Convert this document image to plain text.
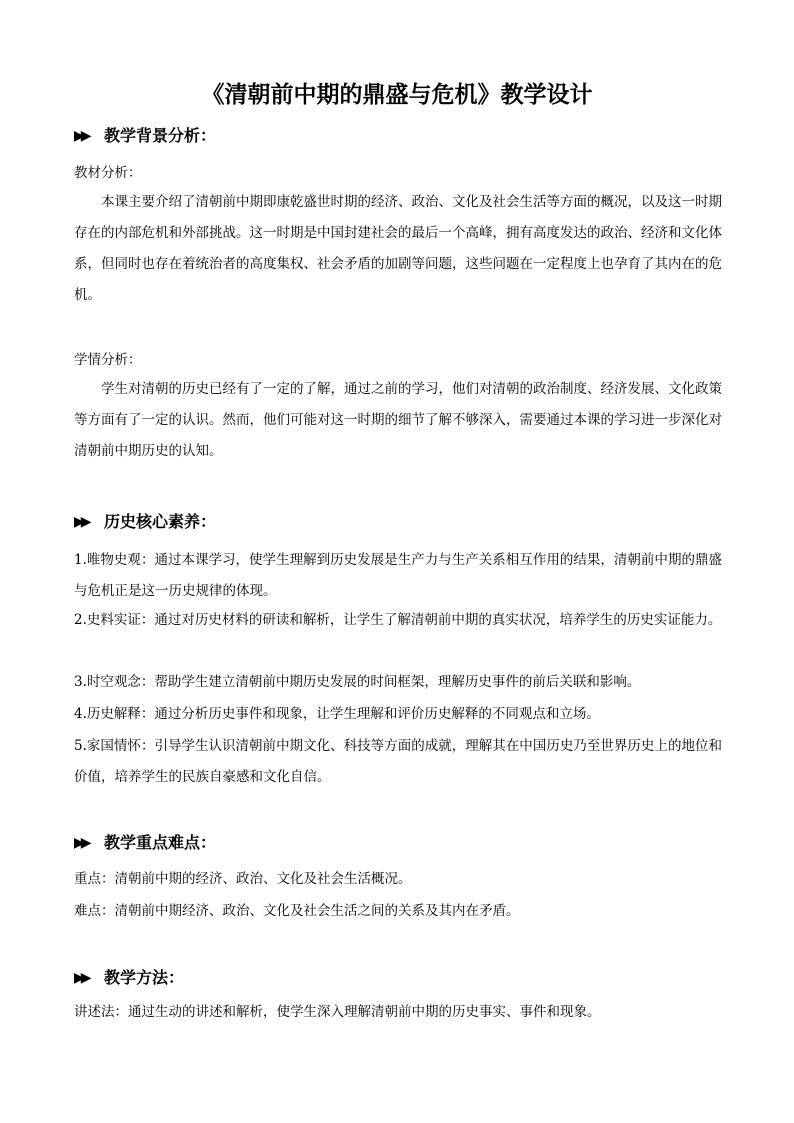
《清朝前中期的鼎盛与危机》教学设计
▶▶	教学背景分析：
教材分析：
本课主要介绍了清朝前中期即康乾盛世时期的经济、政治、文化及社会生活等方面的概况，以及这一时期存在的内部危机和外部挑战。这一时期是中国封建社会的最后一个高峰，拥有高度发达的政治、经济和文化体系，但同时也存在着统治者的高度集权、社会矛盾的加剧等问题，这些问题在一定程度上也孕育了其内在的危机。
学情分析：
学生对清朝的历史已经有了一定的了解，通过之前的学习，他们对清朝的政治制度、经济发展、文化政策等方面有了一定的认识。然而，他们可能对这一时期的细节了解不够深入，需要通过本课的学习进一步深化对清朝前中期历史的认知。
▶▶	历史核心素养：
1.唯物史观：通过本课学习，使学生理解到历史发展是生产力与生产关系相互作用的结果，清朝前中期的鼎盛与危机正是这一历史规律的体现。
2.史料实证：通过对历史材料的研读和解析，让学生了解清朝前中期的真实状况，培养学生的历史实证能力。
3.时空观念：帮助学生建立清朝前中期历史发展的时间框架，理解历史事件的前后关联和影响。
4.历史解释：通过分析历史事件和现象，让学生理解和评价历史解释的不同观点和立场。
5.家国情怀：引导学生认识清朝前中期文化、科技等方面的成就，理解其在中国历史乃至世界历史上的地位和价值，培养学生的民族自豪感和文化自信。
▶▶	教学重点难点：
重点：清朝前中期的经济、政治、文化及社会生活概况。
难点：清朝前中期经济、政治、文化及社会生活之间的关系及其内在矛盾。
▶▶	教学方法：
讲述法：通过生动的讲述和解析，使学生深入理解清朝前中期的历史事实、事件和现象。
